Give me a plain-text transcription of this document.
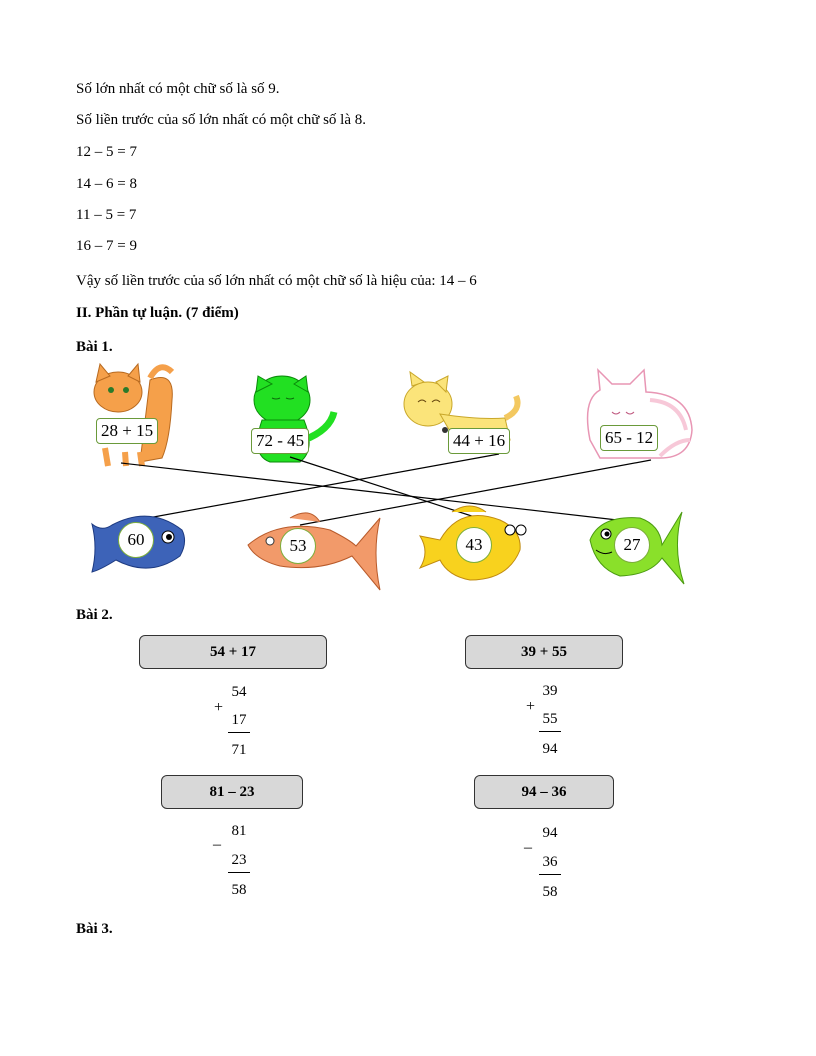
Số lớn nhất có một chữ số là số 9.
Số liền trước của số lớn nhất có một chữ số là 8.
12 – 5 = 7
14 – 6 = 8
11 – 5 = 7
16 – 7 = 9
Vậy số liền trước của số lớn nhất có một chữ số là hiệu của: 14 – 6
II. Phần tự luận. (7 điểm)
Bài 1.
28 + 15
72 - 45	44 + 16	65 - 12
60	53	43	27
Bài 2.
54 + 17	39 + 55
81 – 23	94 – 36
54
+
17
71
39
+
55
94
81
–
23
58
94
–
36
58
Bài 3.
